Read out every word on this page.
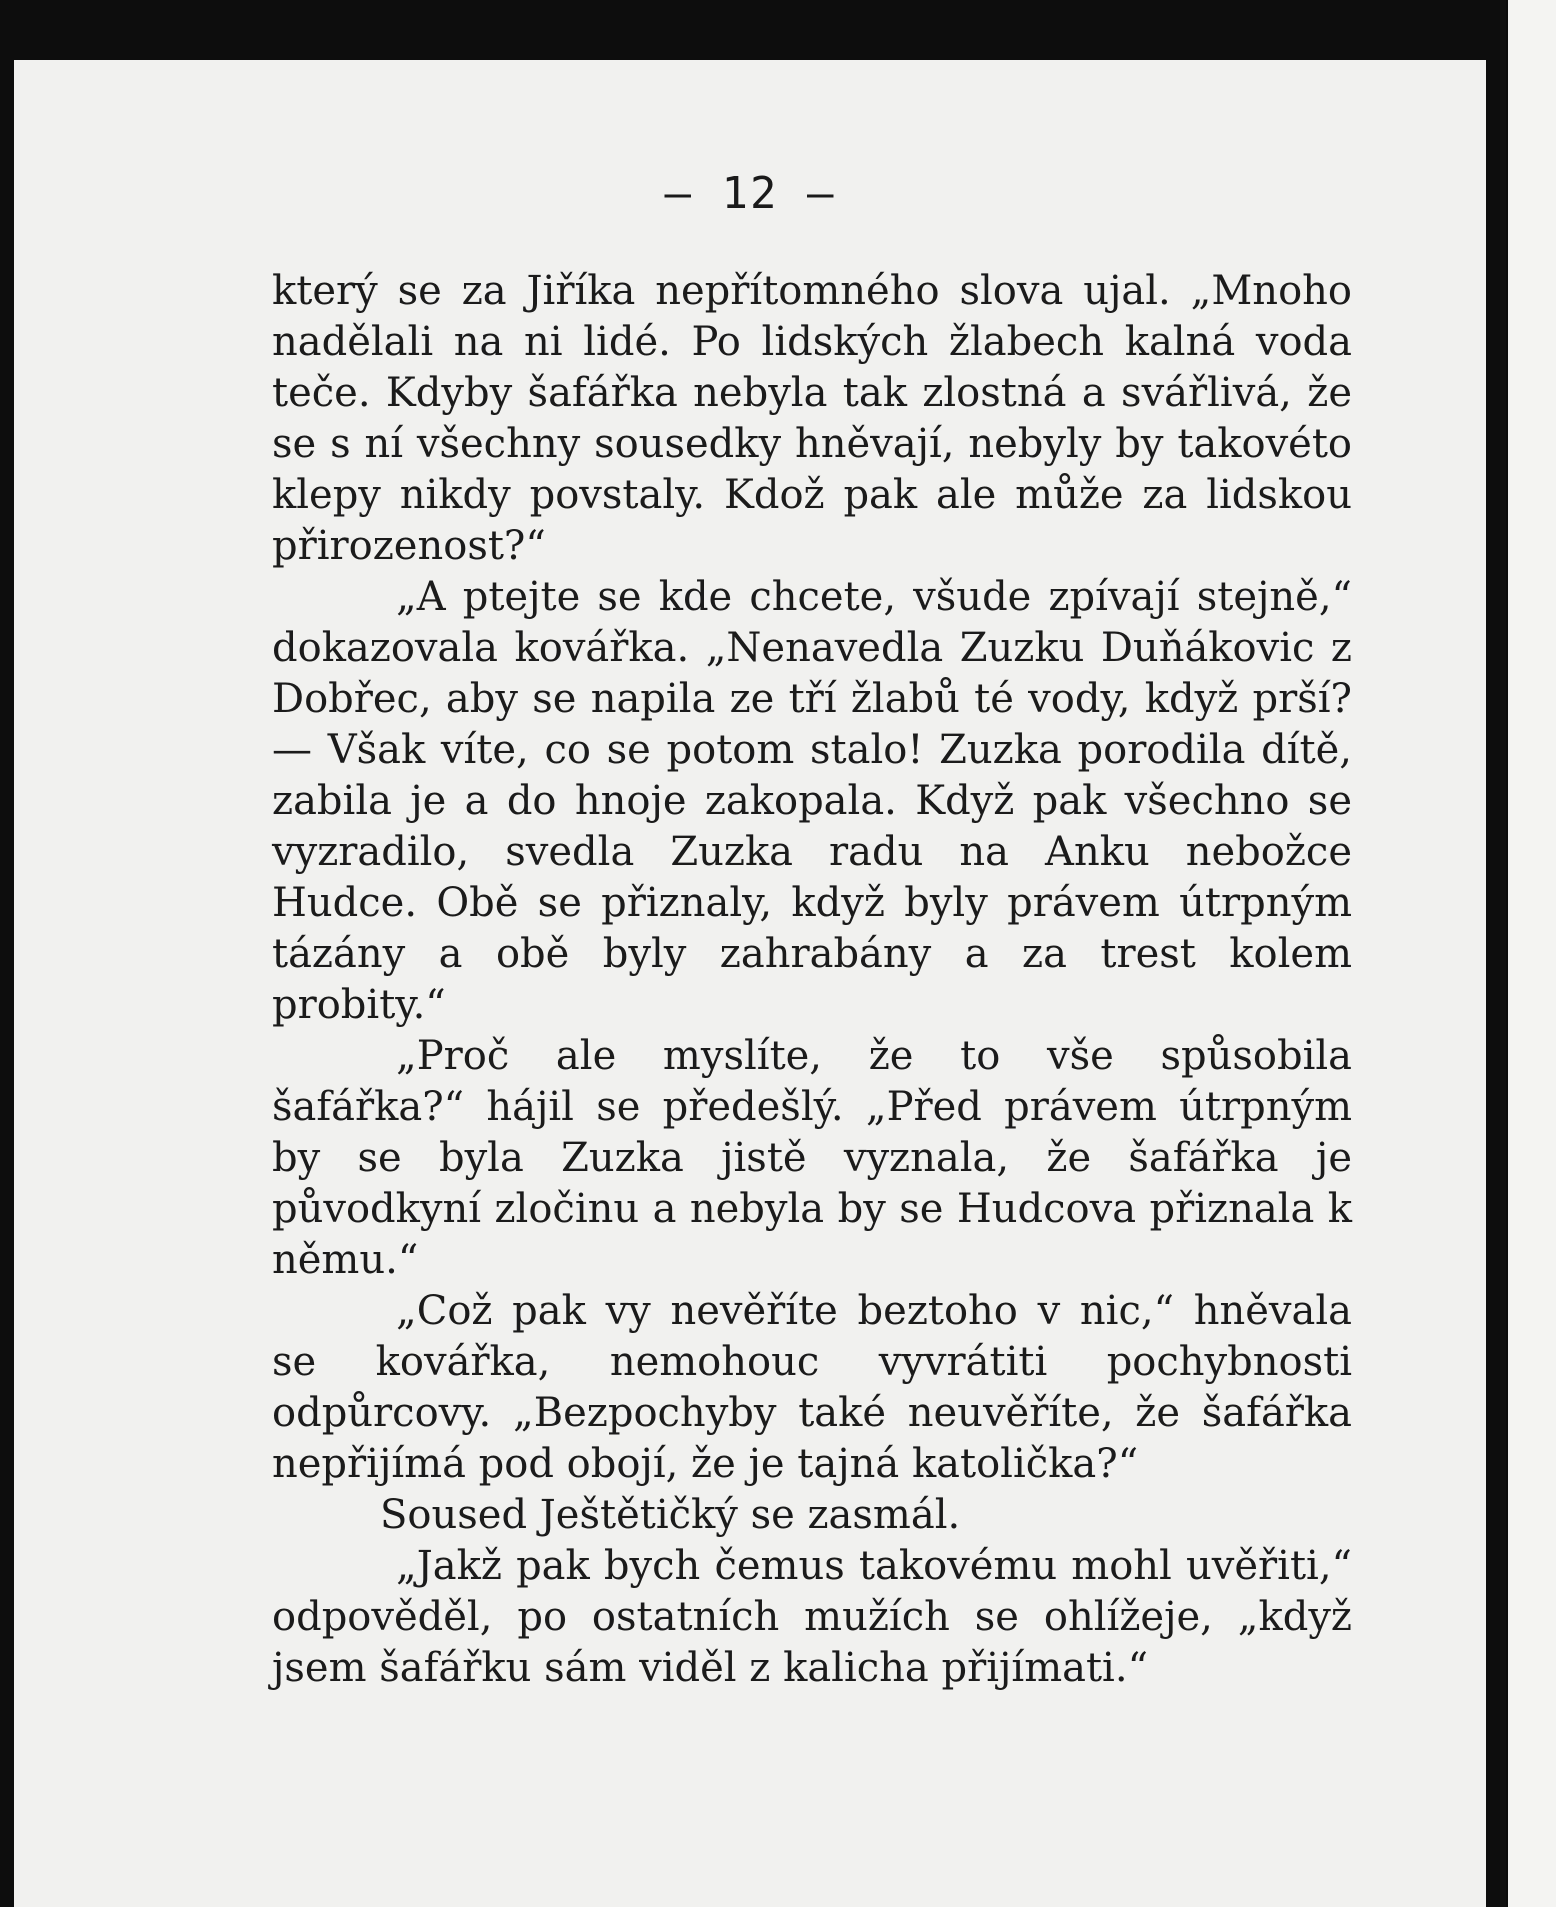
— 12 —

který se za Jiříka nepřítomného slova ujal. „Mnoho nadělali na ni lidé. Po lidských žlabech kalná voda teče. Kdyby šafářka nebyla tak zlostná a svářlivá, že se s ní všechny sousedky hněvají, nebyly by takovéto klepy nikdy povstaly. Kdož pak ale může za lidskou přirozenost?“

„A ptejte se kde chcete, všude zpívají stejně,“ dokazovala kovářka. „Nenavedla Zuzku Duňákovic z Dobřec, aby se napila ze tří žlabů té vody, když prší? — Však víte, co se potom stalo! Zuzka porodila dítě, zabila je a do hnoje zakopala. Když pak všechno se vyzradilo, svedla Zuzka radu na Anku nebožce Hudce. Obě se přiznaly, když byly právem útrpným tázány a obě byly zahrabány a za trest kolem probity.“

„Proč ale myslíte, že to vše spůsobila šafářka?“ hájil se předešlý. „Před právem útrpným by se byla Zuzka jistě vyznala, že šafářka je původkyní zločinu a nebyla by se Hudcova přiznala k němu.“

„Což pak vy nevěříte beztoho v nic,“ hněvala se kovářka, nemohouc vyvrátiti pochybnosti odpůrcovy. „Bezpochyby také neuvěříte, že šafářka nepřijímá pod obojí, že je tajná katolička?“

Soused Ještětičký se zasmál.

„Jakž pak bych čemus takovému mohl uvěřiti,“ odpověděl, po ostatních mužích se ohlížeje, „když jsem šafářku sám viděl z kalicha přijímati.“
